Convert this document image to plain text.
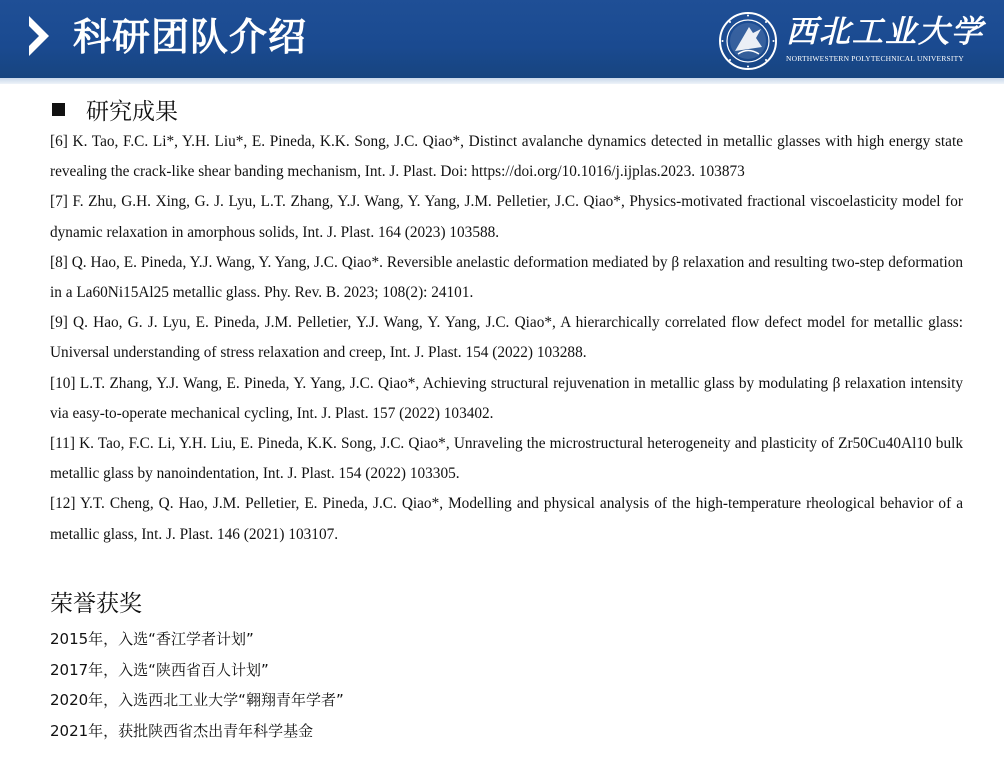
科研团队介绍	西北工业大学
NORTHWESTERN POLYTECHNICAL UNIVERSITY
研究成果

[6] K. Tao, F.C. Li*, Y.H. Liu*, E. Pineda, K.K. Song, J.C. Qiao*, Distinct avalanche dynamics detected in metallic glasses with high energy state revealing the crack-like shear banding mechanism, Int. J. Plast. Doi: https://doi.org/10.1016/j.ijplas.2023. 103873

[7] F. Zhu, G.H. Xing, G. J. Lyu, L.T. Zhang, Y.J. Wang, Y. Yang, J.M. Pelletier, J.C. Qiao*, Physics-motivated fractional viscoelasticity model for dynamic relaxation in amorphous solids, Int. J. Plast. 164 (2023) 103588.

[8] Q. Hao, E. Pineda, Y.J. Wang, Y. Yang, J.C. Qiao*. Reversible anelastic deformation mediated by β relaxation and resulting two-step deformation in a La60Ni15Al25 metallic glass. Phy. Rev. B. 2023; 108(2): 24101.

[9] Q. Hao, G. J. Lyu, E. Pineda, J.M. Pelletier, Y.J. Wang, Y. Yang, J.C. Qiao*, A hierarchically correlated flow defect model for metallic glass: Universal understanding of stress relaxation and creep, Int. J. Plast. 154 (2022) 103288.

[10] L.T. Zhang, Y.J. Wang, E. Pineda, Y. Yang, J.C. Qiao*, Achieving structural rejuvenation in metallic glass by modulating β relaxation intensity via easy-to-operate mechanical cycling, Int. J. Plast. 157 (2022) 103402.

[11] K. Tao, F.C. Li, Y.H. Liu, E. Pineda, K.K. Song, J.C. Qiao*, Unraveling the microstructural heterogeneity and plasticity of Zr50Cu40Al10 bulk metallic glass by nanoindentation, Int. J. Plast. 154 (2022) 103305.

[12] Y.T. Cheng, Q. Hao, J.M. Pelletier, E. Pineda, J.C. Qiao*, Modelling and physical analysis of the high-temperature rheological behavior of a metallic glass, Int. J. Plast. 146 (2021) 103107.

荣誉获奖
2015年，入选“香江学者计划”
2017年，入选“陕西省百人计划”
2020年，入选西北工业大学“翱翔青年学者”
2021年，获批陕西省杰出青年科学基金
